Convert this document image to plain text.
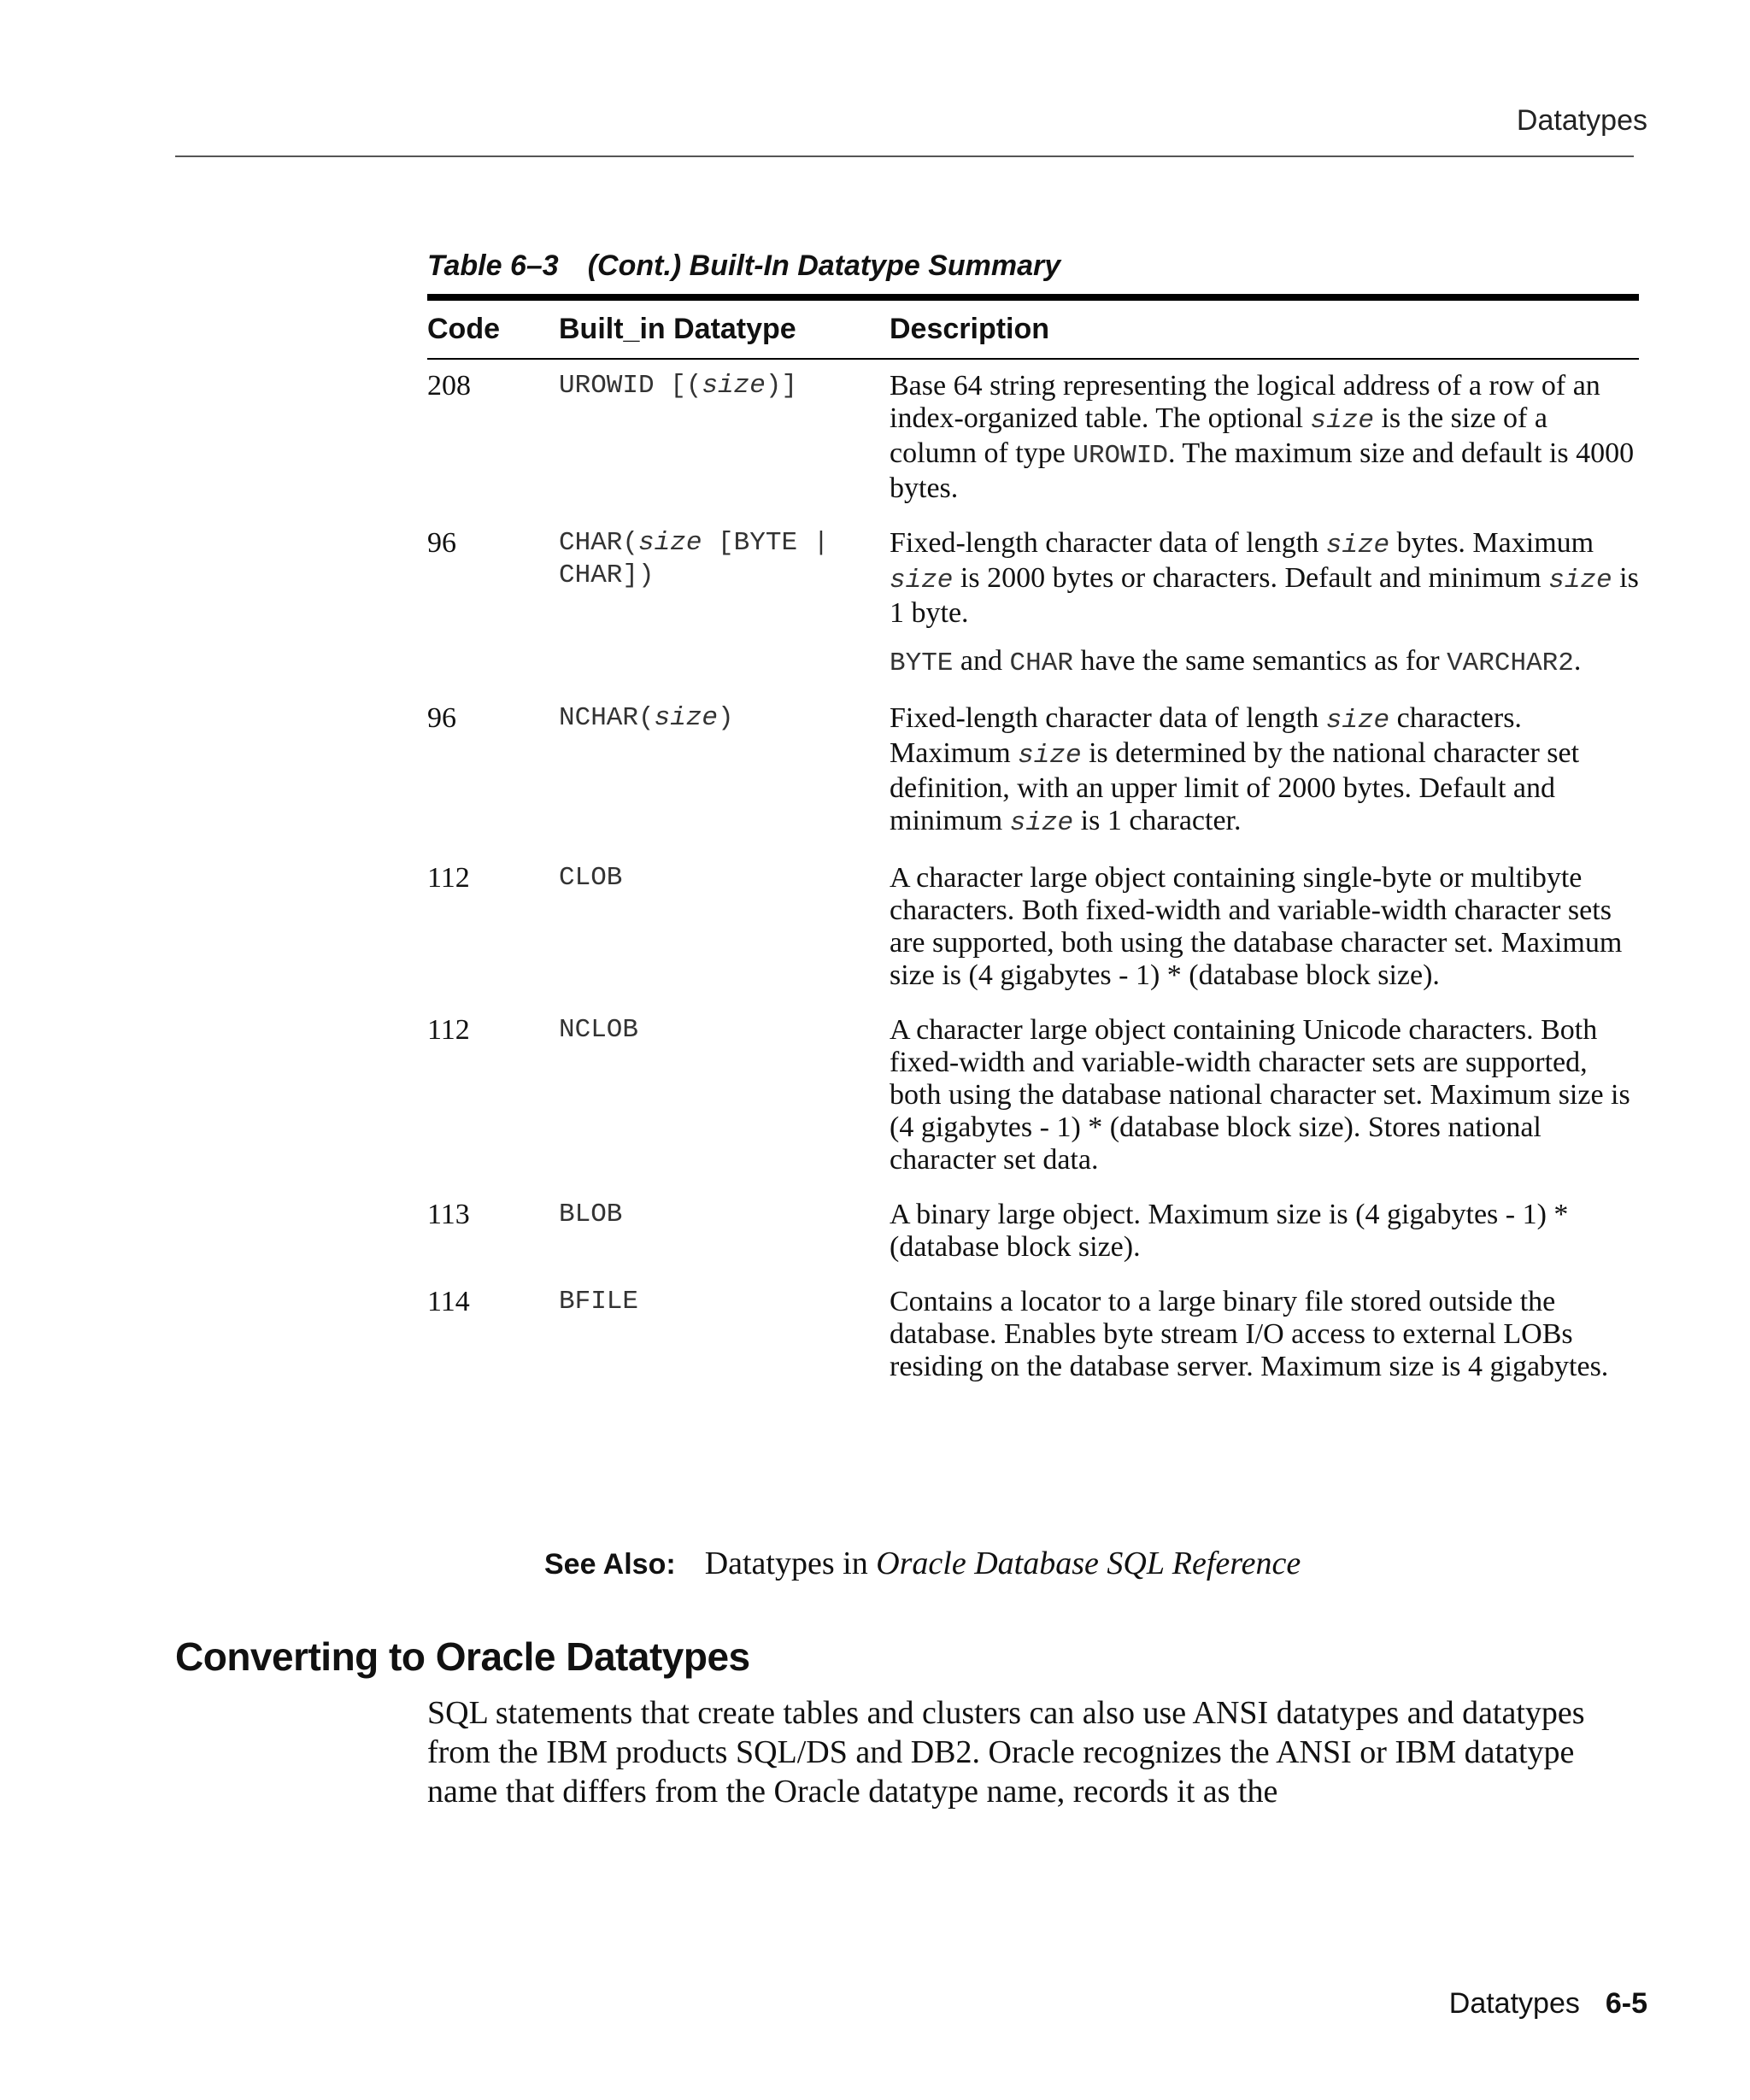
Datatypes
Table 6–3 (Cont.) Built-In Datatype Summary
Code	Built_in Datatype	Description
208	UROWID [(size)]	Base 64 string representing the logical address of a row of an index-organized table. The optional size is the size of a column of type UROWID. The maximum size and default is 4000 bytes.

96	CHAR(size [BYTE | CHAR])	Fixed-length character data of length size bytes. Maximum size is 2000 bytes or characters. Default and minimum size is 1 byte.

BYTE and CHAR have the same semantics as for VARCHAR2.

96	NCHAR(size)	Fixed-length character data of length size characters. Maximum size is determined by the national character set definition, with an upper limit of 2000 bytes. Default and minimum size is 1 character.

112	CLOB	A character large object containing single-byte or multibyte characters. Both fixed-width and variable-width character sets are supported, both using the database character set. Maximum size is (4 gigabytes - 1) * (database block size).

112	NCLOB	A character large object containing Unicode characters. Both fixed-width and variable-width character sets are supported, both using the database national character set. Maximum size is (4 gigabytes - 1) * (database block size). Stores national character set data.

113	BLOB	A binary large object. Maximum size is (4 gigabytes - 1) * (database block size).

114	BFILE	Contains a locator to a large binary file stored outside the database. Enables byte stream I/O access to external LOBs residing on the database server. Maximum size is 4 gigabytes.

See Also: Datatypes in Oracle Database SQL Reference
Converting to Oracle Datatypes
SQL statements that create tables and clusters can also use ANSI datatypes and datatypes from the IBM products SQL/DS and DB2. Oracle recognizes the ANSI or IBM datatype name that differs from the Oracle datatype name, records it as the
Datatypes 6-5
